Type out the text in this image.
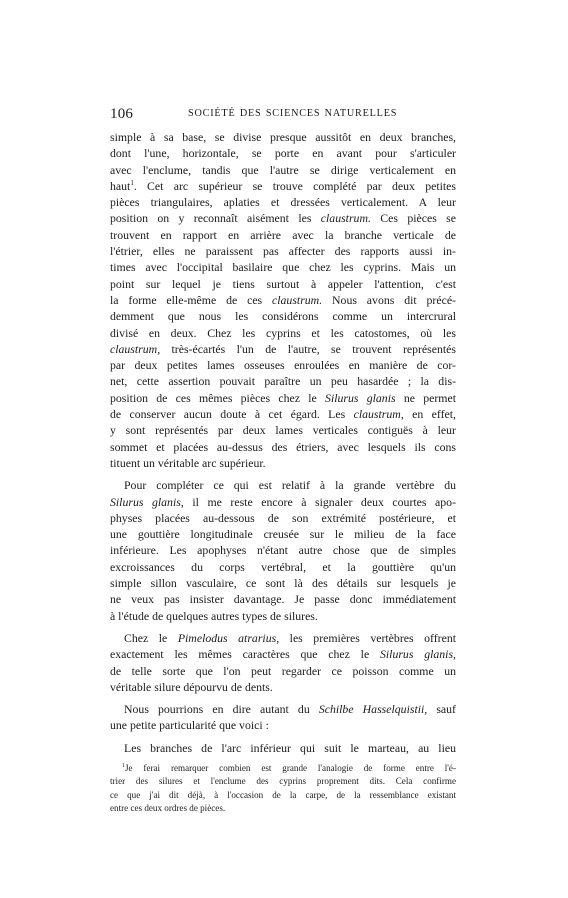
106	SOCIÉTÉ DES SCIENCES NATURELLES
simple à sa base, se divise presque aussitôt en deux branches,
dont l'une, horizontale, se porte en avant pour s'articuler
avec l'enclume, tandis que l'autre se dirige verticalement en
haut$^1$. Cet arc supérieur se trouve complété par deux petites
pièces triangulaires, aplaties et dressées verticalement. A leur
position on y reconnaît aisément les claustrum. Ces pièces se
trouvent en rapport en arrière avec la branche verticale de
l'étrier, elles ne paraissent pas affecter des rapports aussi in-
times avec l'occipital basilaire que chez les cyprins. Mais un
point sur lequel je tiens surtout à appeler l'attention, c'est
la forme elle-même de ces claustrum. Nous avons dit précé-
demment que nous les considérons comme un intercrural
divisé en deux. Chez les cyprins et les catostomes, où les
claustrum, très-écartés l'un de l'autre, se trouvent représentés
par deux petites lames osseuses enroulées en manière de cor-
net, cette assertion pouvait paraître un peu hasardée ; la dis-
position de ces mêmes pièces chez le Silurus glanis ne permet
de conserver aucun doute à cet égard. Les claustrum, en effet,
y sont représentés par deux lames verticales contiguës à leur
sommet et placées au-dessus des étriers, avec lesquels ils cons
tituent un véritable arc supérieur.
Pour compléter ce qui est relatif à la grande vertèbre du
Silurus glanis, il me reste encore à signaler deux courtes apo-
physes placées au-dessous de son extrémité postérieure, et
une gouttière longitudinale creusée sur le milieu de la face
inférieure. Les apophyses n'étant autre chose que de simples
excroissances du corps vertébral, et la gouttière qu'un
simple sillon vasculaire, ce sont là des détails sur lesquels je
ne veux pas insister davantage. Je passe donc immédiatement
à l'étude de quelques autres types de silures.
Chez le Pimelodus atrarius, les premières vertèbres offrent
exactement les mêmes caractères que chez le Silurus glanis,
de telle sorte que l'on peut regarder ce poisson comme un
véritable silure dépourvu de dents.
Nous pourrions en dire autant du Schilbe Hasselquistii, sauf
une petite particularité que voici :
Les branches de l'arc inférieur qui suit le marteau, au lieu
$^1$Je ferai remarquer combien est grande l'analogie de forme entre l'é-
trier des silures et l'enclume des cyprins proprement dits. Cela confirme
ce que j'ai dit déjà, à l'occasion de la carpe, de la ressemblance existant
entre ces deux ordres de pièces.
